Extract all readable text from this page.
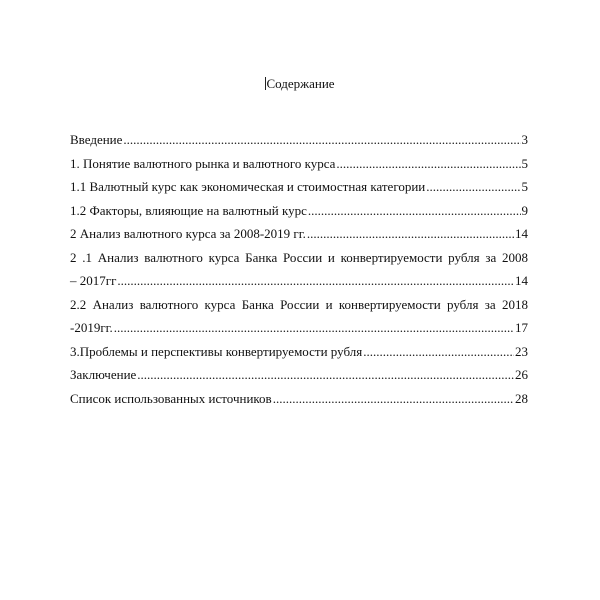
Содержание
Введение .....	3
1. Понятие валютного рынка и валютного курса .....	5
1.1 Валютный курс как экономическая и стоимостная категории .....	5
1.2 Факторы, влияющие на валютный курс .....	9
2 Анализ валютного курса за 2008-2019 гг. .....	14
2 .1 Анализ валютного курса Банка России и конвертируемости рубля за 2008
– 2017гг .....	14
2.2 Анализ валютного курса Банка России и конвертируемости рубля за 2018
-2019гг. .....	17
3.Проблемы и перспективы конвертируемости рубля .....	23
Заключение .....	26
Список использованных источников .....	28
